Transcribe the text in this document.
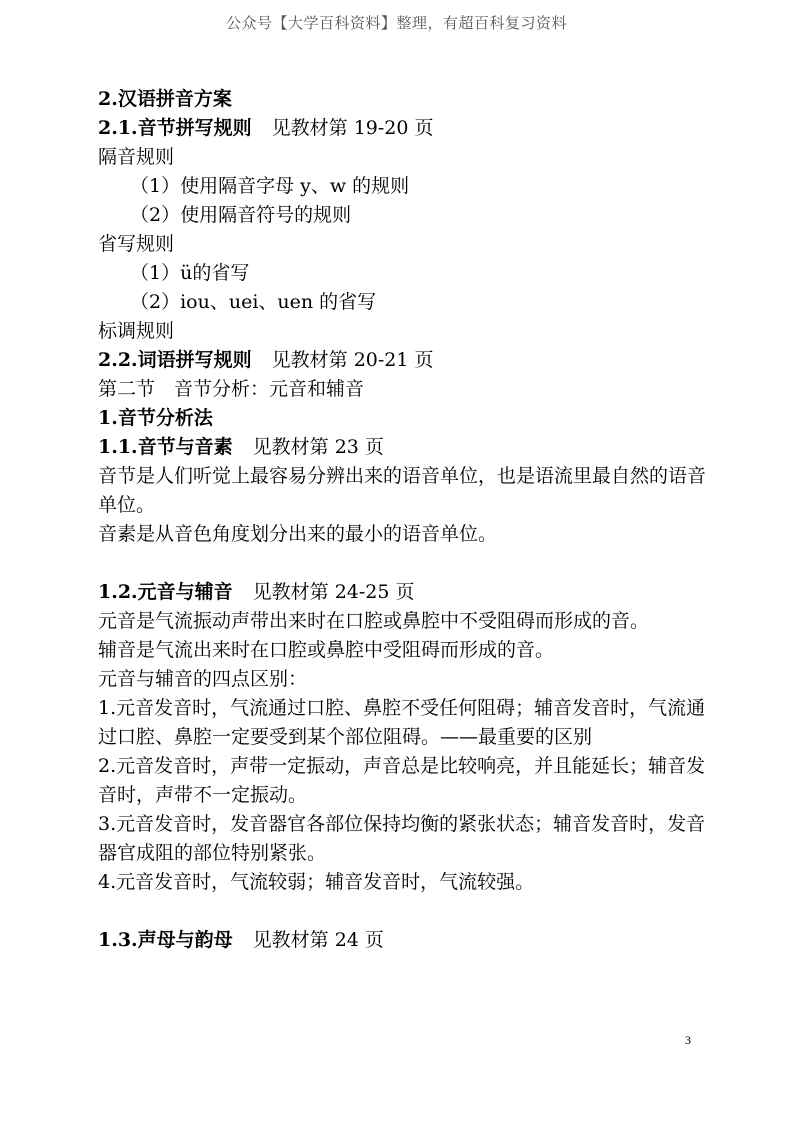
公众号【大学百科资料】整理，有超百科复习资料

2.汉语拼音方案

2.1.音节拼写规则 见教材第 19-20 页

隔音规则

（1）使用隔音字母 y、w 的规则

（2）使用隔音符号的规则

省写规则

（1）ü的省写

（2）iou、uei、uen 的省写

标调规则

2.2.词语拼写规则 见教材第 20-21 页

第二节　音节分析：元音和辅音

1.音节分析法

1.1.音节与音素 见教材第 23 页

音节是人们听觉上最容易分辨出来的语音单位，也是语流里最自然的语音单位。

音素是从音色角度划分出来的最小的语音单位。

1.2.元音与辅音 见教材第 24-25 页

元音是气流振动声带出来时在口腔或鼻腔中不受阻碍而形成的音。

辅音是气流出来时在口腔或鼻腔中受阻碍而形成的音。

元音与辅音的四点区别：

1.元音发音时，气流通过口腔、鼻腔不受任何阻碍；辅音发音时，气流通过口腔、鼻腔一定要受到某个部位阻碍。——最重要的区别

2.元音发音时，声带一定振动，声音总是比较响亮，并且能延长；辅音发音时，声带不一定振动。

3.元音发音时，发音器官各部位保持均衡的紧张状态；辅音发音时，发音器官成阻的部位特别紧张。

4.元音发音时，气流较弱；辅音发音时，气流较强。

1.3.声母与韵母 见教材第 24 页

3
